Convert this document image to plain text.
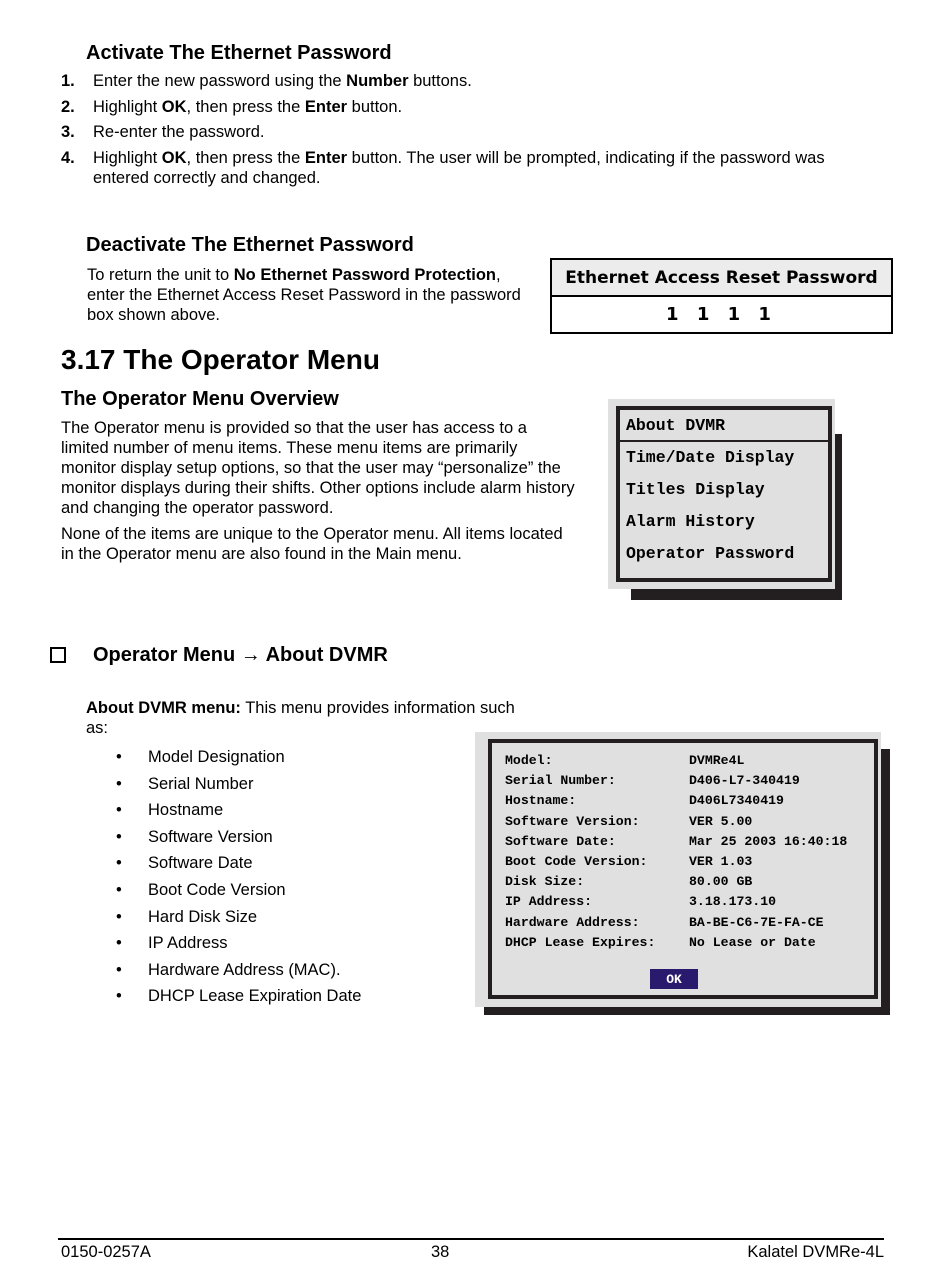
Activate The Ethernet Password
1. Enter the new password using the Number buttons.
2. Highlight OK, then press the Enter button.
3. Re-enter the password.
4. Highlight OK, then press the Enter button. The user will be prompted, indicating if the password was entered correctly and changed.
Deactivate The Ethernet Password
To return the unit to No Ethernet Password Protection, enter the Ethernet Access Reset Password in the password box shown above.
Ethernet Access Reset Password
1 1 1 1
3.17 The Operator Menu
The Operator Menu Overview
The Operator menu is provided so that the user has access to a limited number of menu items. These menu items are primarily monitor display setup options, so that the user may “personalize” the monitor displays during their shifts. Other options include alarm history and changing the operator password.
None of the items are unique to the Operator menu. All items located in the Operator menu are also found in the Main menu.
About DVMR
Time/Date Display
Titles Display
Alarm History
Operator Password
Operator Menu → About DVMR
About DVMR menu: This menu provides information such as:
• Model Designation
• Serial Number
• Hostname
• Software Version
• Software Date
• Boot Code Version
• Hard Disk Size
• IP Address
• Hardware Address (MAC).
• DHCP Lease Expiration Date
Model:	DVMRe4L
Serial Number:	D406-L7-340419
Hostname:	D406L7340419
Software Version:	VER 5.00
Software Date:	Mar 25 2003 16:40:18
Boot Code Version:	VER 1.03
Disk Size:	80.00 GB
IP Address:	3.18.173.10
Hardware Address:	BA-BE-C6-7E-FA-CE
DHCP Lease Expires:	No Lease or Date
OK
0150-0257A	38	Kalatel DVMRe-4L
